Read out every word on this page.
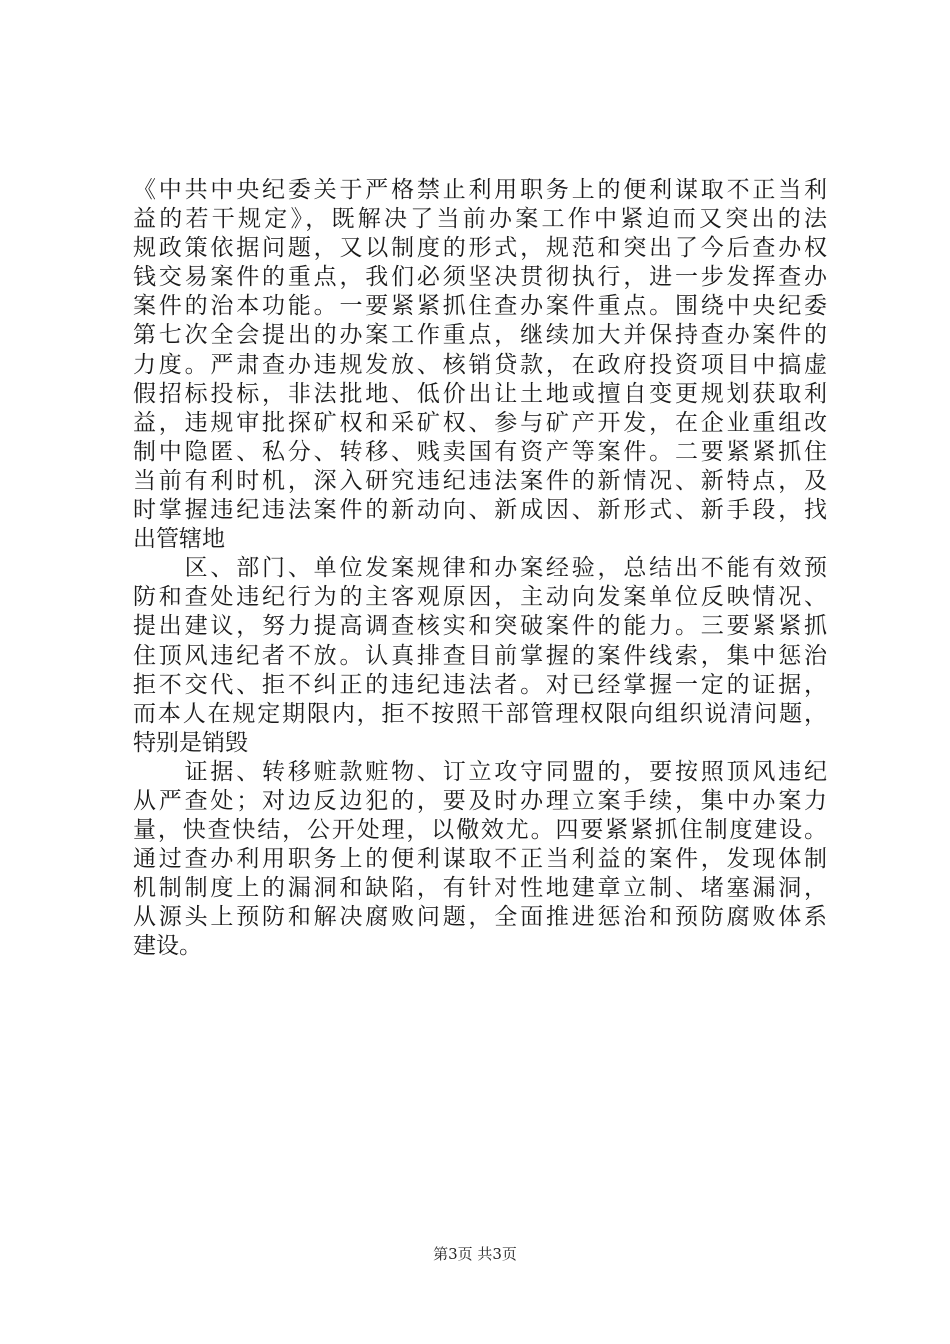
《中共中央纪委关于严格禁止利用职务上的便利谋取不正当利
益的若干规定》，既解决了当前办案工作中紧迫而又突出的法
规政策依据问题，又以制度的形式，规范和突出了今后查办权
钱交易案件的重点，我们必须坚决贯彻执行，进一步发挥查办
案件的治本功能。一要紧紧抓住查办案件重点。围绕中央纪委
第七次全会提出的办案工作重点，继续加大并保持查办案件的
力度。严肃查办违规发放、核销贷款，在政府投资项目中搞虚
假招标投标，非法批地、低价出让土地或擅自变更规划获取利
益，违规审批探矿权和采矿权、参与矿产开发，在企业重组改
制中隐匿、私分、转移、贱卖国有资产等案件。二要紧紧抓住
当前有利时机，深入研究违纪违法案件的新情况、新特点，及
时掌握违纪违法案件的新动向、新成因、新形式、新手段，找
出管辖地
　　区、部门、单位发案规律和办案经验，总结出不能有效预
防和查处违纪行为的主客观原因，主动向发案单位反映情况、
提出建议，努力提高调查核实和突破案件的能力。三要紧紧抓
住顶风违纪者不放。认真排查目前掌握的案件线索，集中惩治
拒不交代、拒不纠正的违纪违法者。对已经掌握一定的证据，
而本人在规定期限内，拒不按照干部管理权限向组织说清问题，
特别是销毁
　　证据、转移赃款赃物、订立攻守同盟的，要按照顶风违纪
从严查处；对边反边犯的，要及时办理立案手续，集中办案力
量，快查快结，公开处理，以儆效尤。四要紧紧抓住制度建设。
通过查办利用职务上的便利谋取不正当利益的案件，发现体制
机制制度上的漏洞和缺陷，有针对性地建章立制、堵塞漏洞，
从源头上预防和解决腐败问题，全面推进惩治和预防腐败体系
建设。
第3页 共3页
